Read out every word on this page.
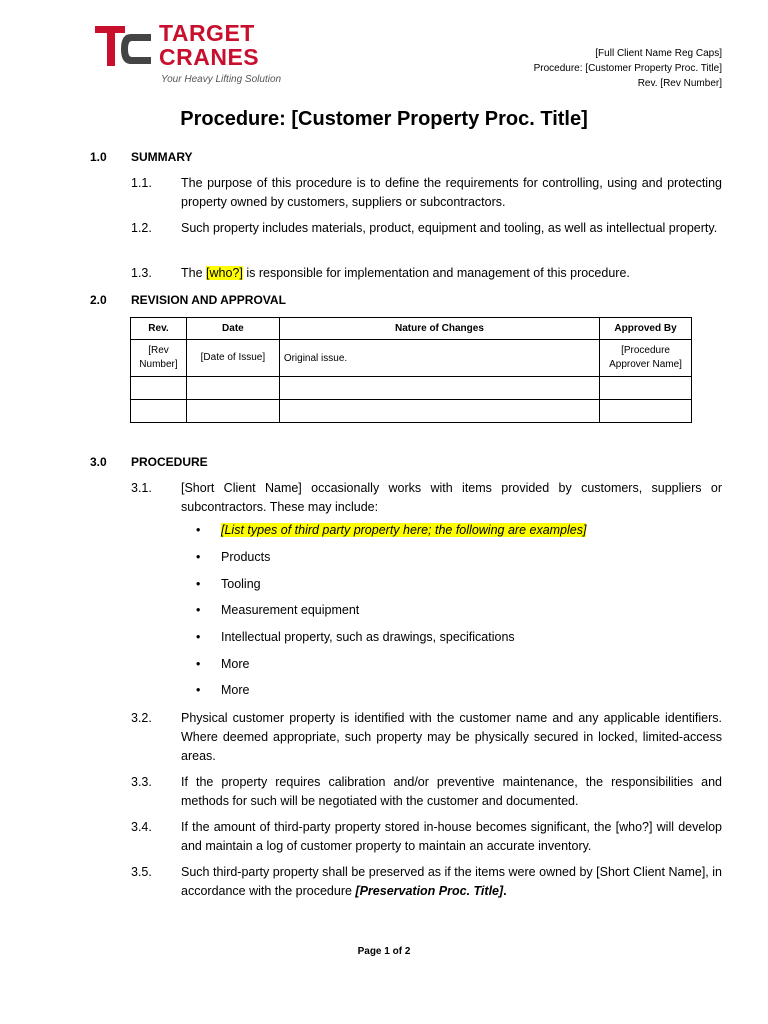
TARGET
CRANES
Your Heavy Lifting Solution
[Full Client Name Reg Caps]
Procedure: [Customer Property Proc. Title]
Rev. [Rev Number]
Procedure: [Customer Property Proc. Title]
1.0 SUMMARY
1.1. The purpose of this procedure is to define the requirements for controlling, using and protecting property owned by customers, suppliers or subcontractors.
1.2. Such property includes materials, product, equipment and tooling, as well as intellectual property.
1.3. The [who?] is responsible for implementation and management of this procedure.
2.0 REVISION AND APPROVAL
Rev.	Date	Nature of Changes	Approved By
[Rev Number]	[Date of Issue]	Original issue.	[Procedure Approver Name]

3.0 PROCEDURE
3.1. [Short Client Name] occasionally works with items provided by customers, suppliers or subcontractors. These may include:
• [List types of third party property here; the following are examples]
• Products
• Tooling
• Measurement equipment
• Intellectual property, such as drawings, specifications
• More
• More
3.2. Physical customer property is identified with the customer name and any applicable identifiers. Where deemed appropriate, such property may be physically secured in locked, limited-access areas.
3.3. If the property requires calibration and/or preventive maintenance, the responsibilities and methods for such will be negotiated with the customer and documented.
3.4. If the amount of third-party property stored in-house becomes significant, the [who?] will develop and maintain a log of customer property to maintain an accurate inventory.
3.5. Such third-party property shall be preserved as if the items were owned by [Short Client Name], in accordance with the procedure [Preservation Proc. Title].
Page 1 of 2
